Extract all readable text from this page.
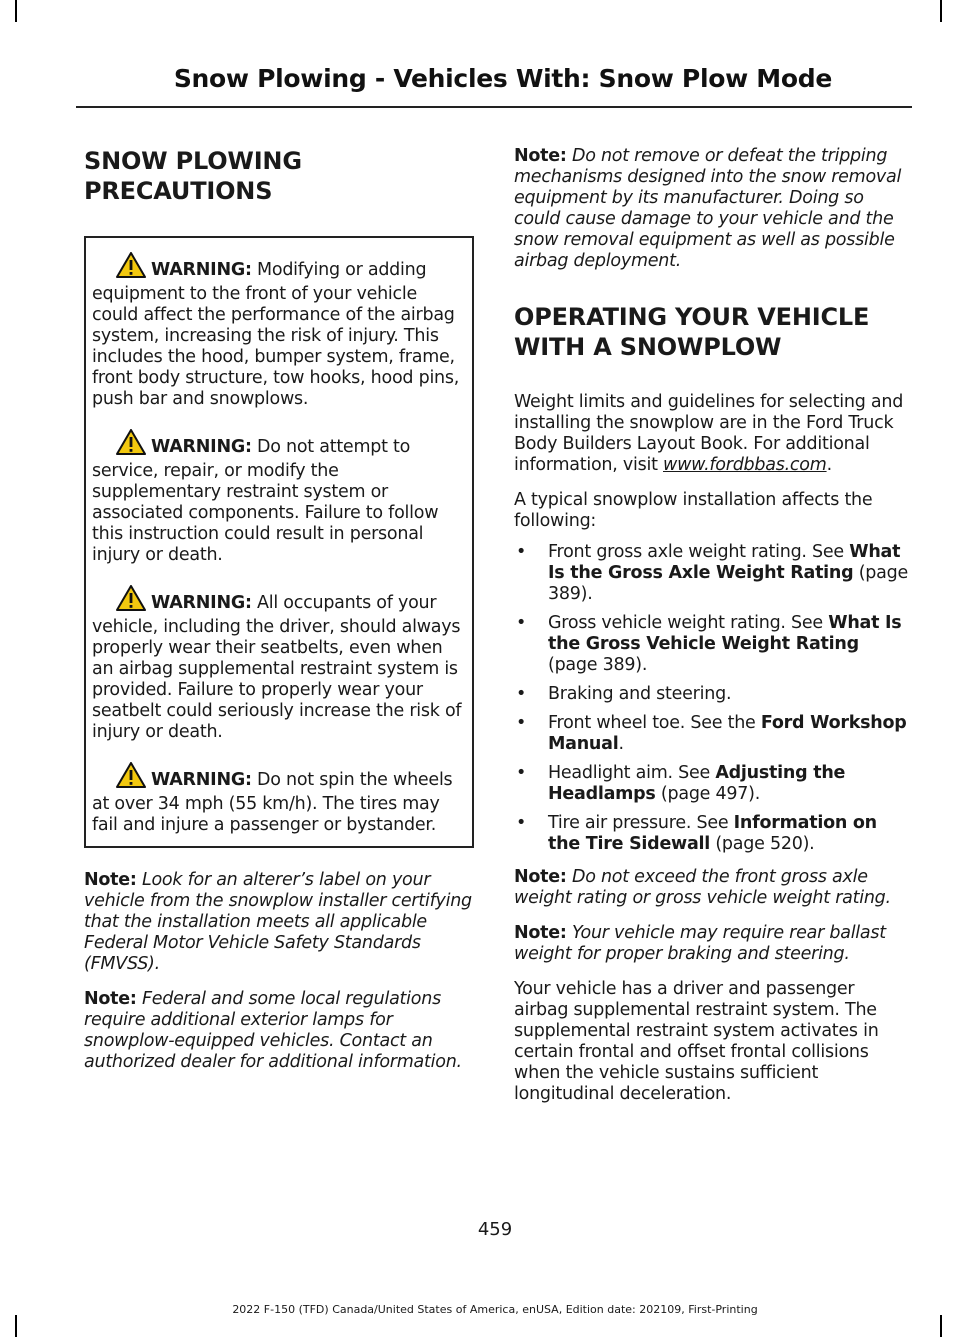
Snow Plowing - Vehicles With: Snow Plow Mode
SNOW PLOWING
PRECAUTIONS

WARNING: Modifying or adding equipment to the front of your vehicle could affect the performance of the airbag system, increasing the risk of injury. This includes the hood, bumper system, frame, front body structure, tow hooks, hood pins, push bar and snowplows.

WARNING: Do not attempt to service, repair, or modify the supplementary restraint system or associated components. Failure to follow this instruction could result in personal injury or death.

WARNING: All occupants of your vehicle, including the driver, should always properly wear their seatbelts, even when an airbag supplemental restraint system is provided. Failure to properly wear your seatbelt could seriously increase the risk of injury or death.

WARNING: Do not spin the wheels at over 34 mph (55 km/h). The tires may fail and injure a passenger or bystander.

Note: Look for an alterer’s label on your vehicle from the snowplow installer certifying that the installation meets all applicable Federal Motor Vehicle Safety Standards (FMVSS).

Note: Federal and some local regulations require additional exterior lamps for snowplow-equipped vehicles. Contact an authorized dealer for additional information.

Note: Do not remove or defeat the tripping mechanisms designed into the snow removal equipment by its manufacturer. Doing so could cause damage to your vehicle and the snow removal equipment as well as possible airbag deployment.

OPERATING YOUR VEHICLE
WITH A SNOWPLOW

Weight limits and guidelines for selecting and installing the snowplow are in the Ford Truck Body Builders Layout Book. For additional information, visit www.fordbbas.com.

A typical snowplow installation affects the following:

• Front gross axle weight rating. See What Is the Gross Axle Weight Rating (page 389).
• Gross vehicle weight rating. See What Is the Gross Vehicle Weight Rating (page 389).
• Braking and steering.
• Front wheel toe. See the Ford Workshop Manual.
• Headlight aim. See Adjusting the Headlamps (page 497).
• Tire air pressure. See Information on the Tire Sidewall (page 520).

Note: Do not exceed the front gross axle weight rating or gross vehicle weight rating.

Note: Your vehicle may require rear ballast weight for proper braking and steering.

Your vehicle has a driver and passenger airbag supplemental restraint system. The supplemental restraint system activates in certain frontal and offset frontal collisions when the vehicle sustains sufficient longitudinal deceleration.

459
2022 F-150 (TFD) Canada/United States of America, enUSA, Edition date: 202109, First-Printing
